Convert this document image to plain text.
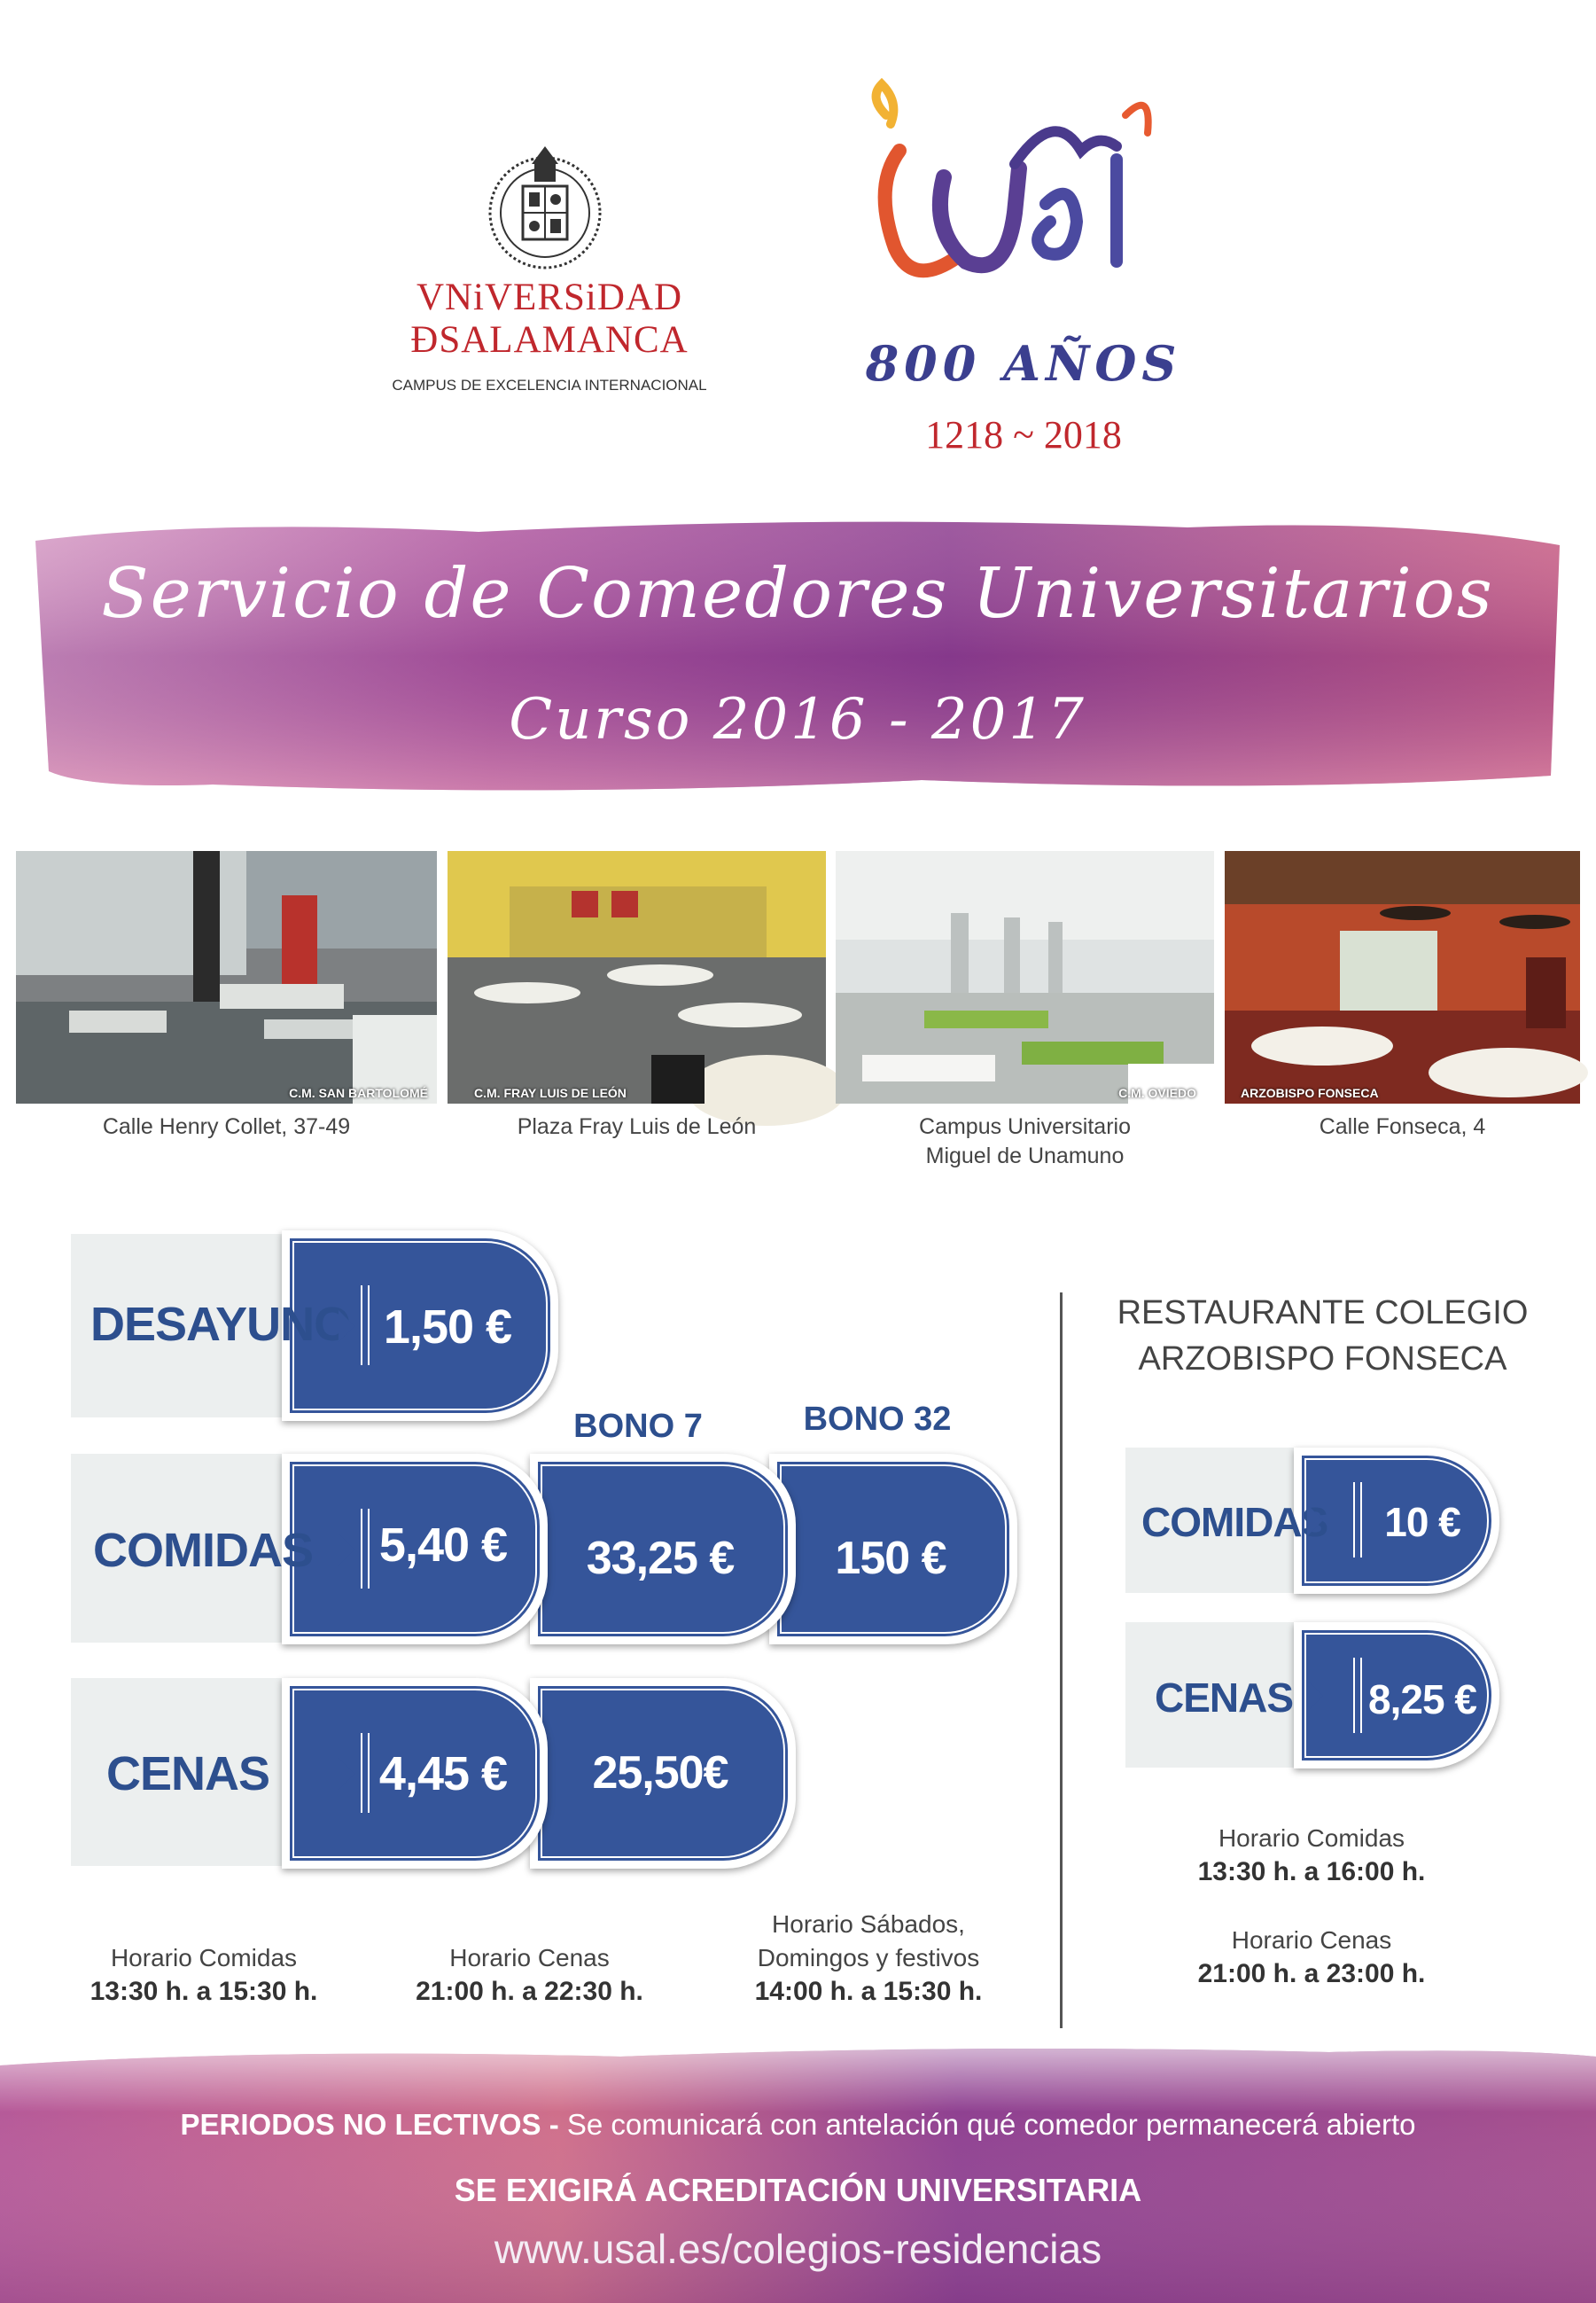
VNiVERSiDAD
ÐSALAMANCA
CAMPUS DE EXCELENCIA INTERNACIONAL
USal
800 AÑOS
1218 ~ 2018
Servicio de Comedores Universitarios
Curso 2016 - 2017
C.M. SAN BARTOLOMÉ	C.M. FRAY LUIS DE LEÓN	C.M. OVIEDO	ARZOBISPO FONSECA
Calle Henry Collet, 37-49	Plaza Fray Luis de León	Campus Universitario
Miguel de Unamuno
Calle Fonseca, 4
DESAYUNO 1,50 €
BONO 7	BONO 32
COMIDAS 5,40 €	33,25 €	150 €
CENAS 4,45 €	25,50€
Horario Comidas
13:30 h. a 15:30 h.
Horario Cenas
21:00 h. a 22:30 h.
Horario Sábados,
Domingos y festivos
14:00 h. a 15:30 h.
RESTAURANTE COLEGIO
ARZOBISPO FONSECA
COMIDAS	10 €
CENAS 8,25 €
Horario Comidas
13:30 h. a 16:00 h.
Horario Cenas
21:00 h. a 23:00 h.
PERIODOS NO LECTIVOS - Se comunicará con antelación qué comedor permanecerá abierto
SE EXIGIRÁ ACREDITACIÓN UNIVERSITARIA
www.usal.es/colegios-residencias
